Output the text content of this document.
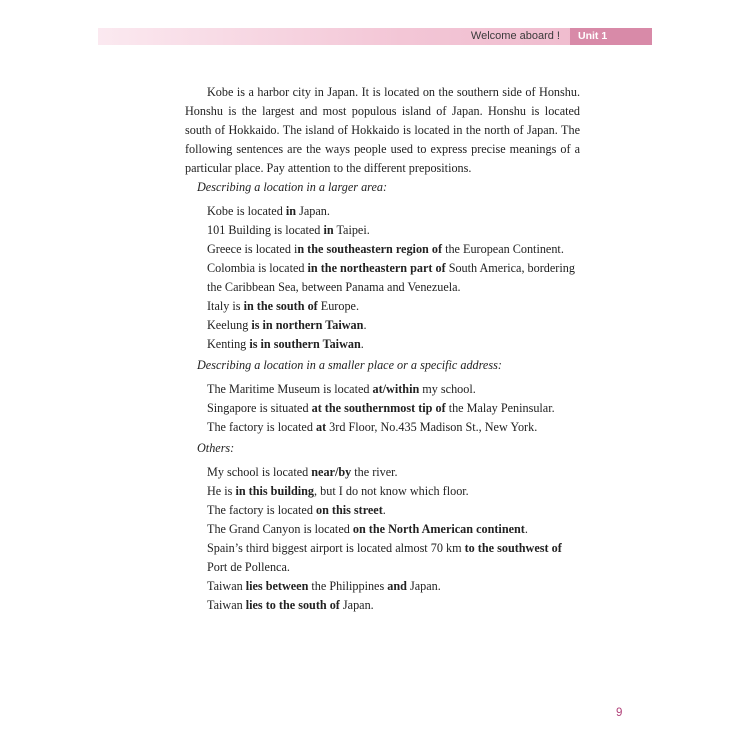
Welcome aboard !	Unit 1

Kobe is a harbor city in Japan. It is located on the southern side of Honshu. Honshu is the largest and most populous island of Japan. Honshu is located south of Hokkaido. The island of Hokkaido is located in the north of Japan. The following sentences are the ways people used to express precise meanings of a particular place. Pay attention to the different prepositions.

Describing a location in a larger area:

Kobe is located in Japan.

101 Building is located in Taipei.

Greece is located in the southeastern region of the European Continent.

Colombia is located in the northeastern part of South America, bordering the Caribbean Sea, between Panama and Venezuela.

Italy is in the south of Europe.

Keelung is in northern Taiwan.

Kenting is in southern Taiwan.

Describing a location in a smaller place or a specific address:

The Maritime Museum is located at/within my school.

Singapore is situated at the southernmost tip of the Malay Peninsular.

The factory is located at 3rd Floor, No.435 Madison St., New York.

Others:

My school is located near/by the river.

He is in this building, but I do not know which floor.

The factory is located on this street.

The Grand Canyon is located on the North American continent.

Spain’s third biggest airport is located almost 70 km to the southwest of Port de Pollenca.

Taiwan lies between the Philippines and Japan.

Taiwan lies to the south of Japan.

9
